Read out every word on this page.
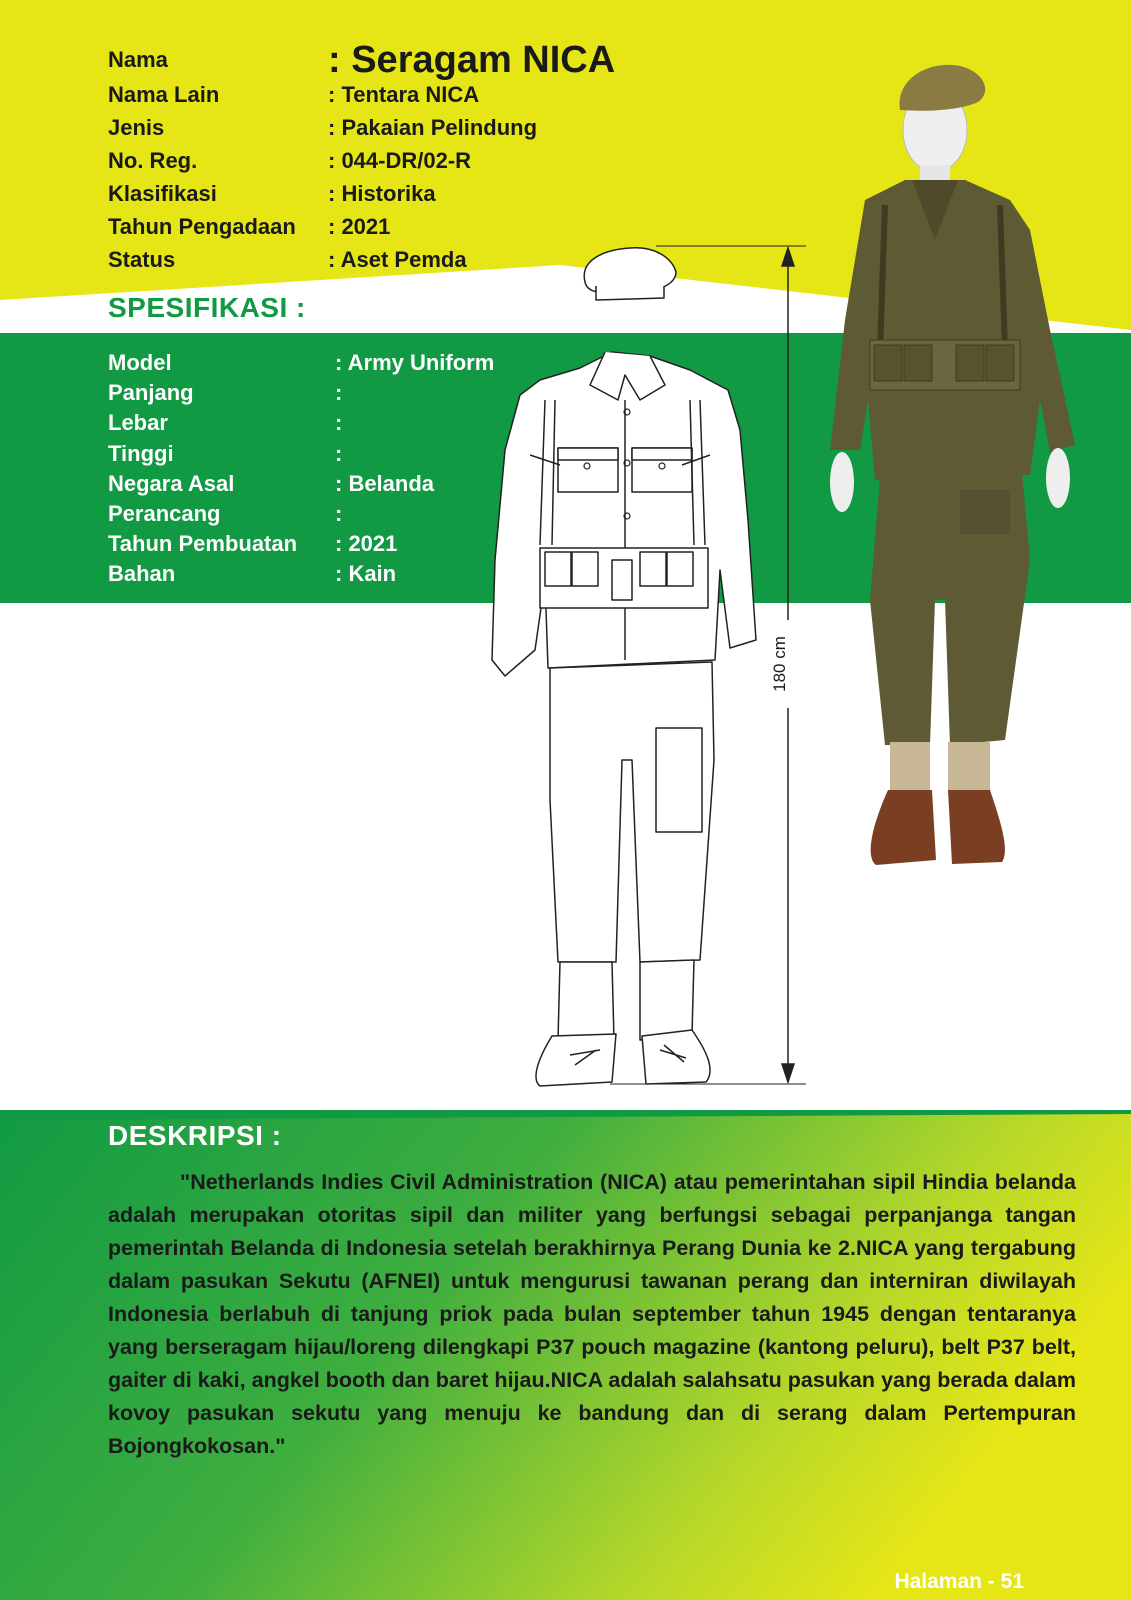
Nama	: Seragam NICA
Nama Lain	: Tentara NICA
Jenis	: Pakaian Pelindung
No. Reg.	: 044-DR/02-R
Klasifikasi	: Historika
Tahun Pengadaan	: 2021
Status	: Aset Pemda
SPESIFIKASI :
Model	: Army Uniform
Panjang	:
Lebar	:
Tinggi	:
Negara Asal	: Belanda
Perancang	:
Tahun Pembuatan	: 2021
Bahan	: Kain
180 cm
DESKRIPSI :

"Netherlands Indies Civil Administration (NICA) atau pemerintahan sipil Hindia belanda adalah merupakan otoritas sipil dan militer yang berfungsi sebagai perpanjanga tangan pemerintah Belanda di Indonesia setelah berakhirnya Perang Dunia ke 2.NICA yang tergabung dalam pasukan Sekutu (AFNEI) untuk mengurusi tawanan perang dan interniran diwilayah Indonesia berlabuh di tanjung priok pada bulan september tahun 1945 dengan tentaranya yang berseragam hijau/loreng dilengkapi P37 pouch magazine (kantong peluru), belt P37 belt, gaiter di kaki, angkel booth dan baret hijau.NICA adalah salahsatu pasukan yang berada dalam kovoy pasukan sekutu yang menuju ke bandung dan di serang dalam Pertempuran Bojongkokosan."

Halaman - 51
